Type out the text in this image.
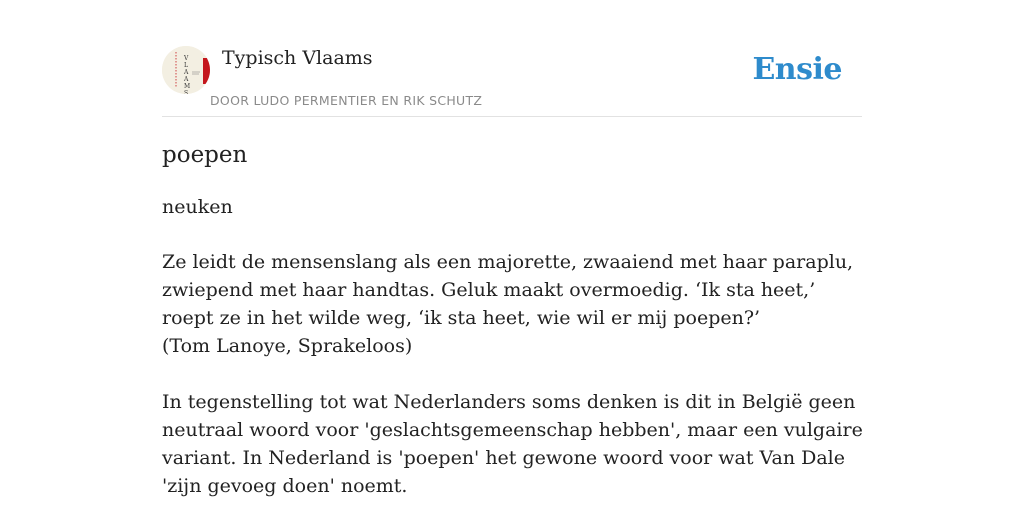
V
L
A
A
M
S
Typisch Vlaams
DOOR LUDO PERMENTIER EN RIK SCHUTZ
Ensie
poepen
neuken
Ze leidt de mensenslang als een majorette, zwaaiend met haar paraplu, zwiepend met haar handtas. Geluk maakt overmoedig. ‘Ik sta heet,’ roept ze in het wilde weg, ‘ik sta heet, wie wil er mij poepen?’
(Tom Lanoye, Sprakeloos)
In tegenstelling tot wat Nederlanders soms denken is dit in België geen neutraal woord voor 'geslachtsgemeenschap hebben', maar een vulgaire variant. In Nederland is 'poepen' het gewone woord voor wat Van Dale 'zijn gevoeg doen' noemt.
